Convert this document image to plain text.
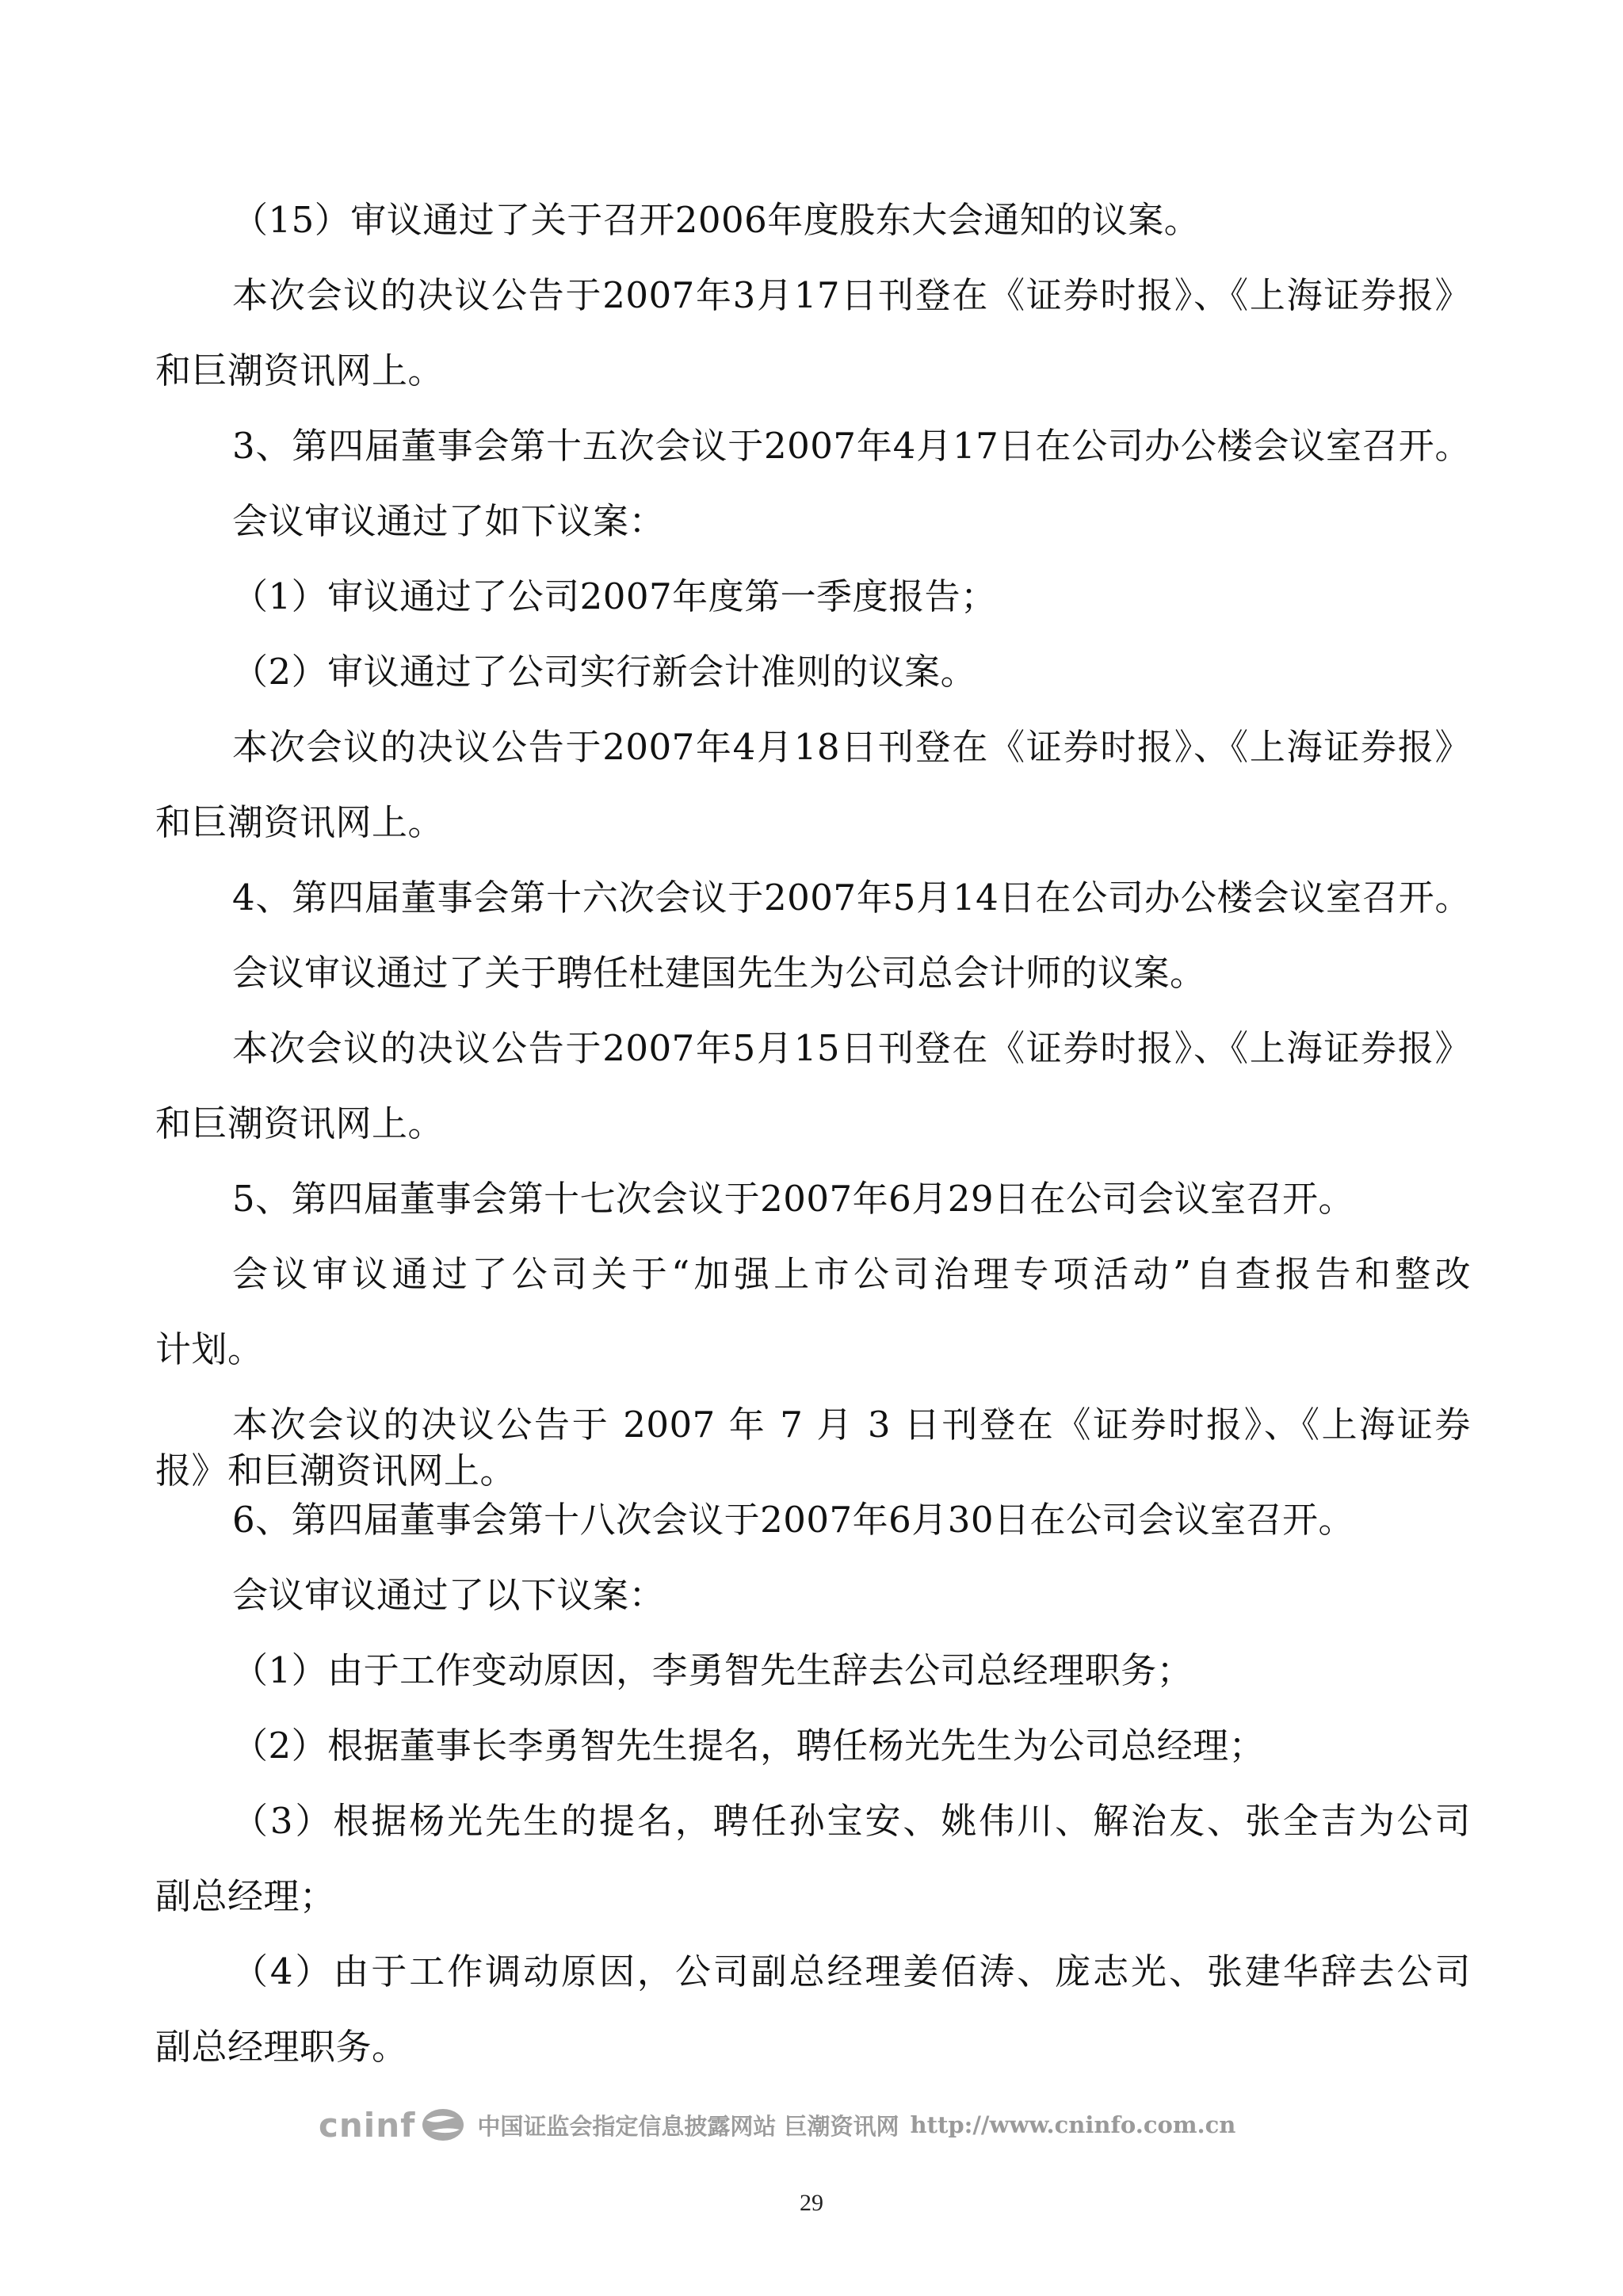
（15）审议通过了关于召开2006年度股东大会通知的议案。
本次会议的决议公告于2007年3月17日刊登在《证券时报》、《上海证券报》
和巨潮资讯网上。
3、第四届董事会第十五次会议于2007年4月17日在公司办公楼会议室召开。
会议审议通过了如下议案：
（1）审议通过了公司2007年度第一季度报告；
（2）审议通过了公司实行新会计准则的议案。
本次会议的决议公告于2007年4月18日刊登在《证券时报》、《上海证券报》
和巨潮资讯网上。
4、第四届董事会第十六次会议于2007年5月14日在公司办公楼会议室召开。
会议审议通过了关于聘任杜建国先生为公司总会计师的议案。
本次会议的决议公告于2007年5月15日刊登在《证券时报》、《上海证券报》
和巨潮资讯网上。
5、第四届董事会第十七次会议于2007年6月29日在公司会议室召开。
会议审议通过了公司关于“加强上市公司治理专项活动”自查报告和整改
计划。
本次会议的决议公告于 2007 年 7 月 3 日刊登在《证券时报》、《上海证券
报》和巨潮资讯网上。
6、第四届董事会第十八次会议于2007年6月30日在公司会议室召开。
会议审议通过了以下议案：
（1）由于工作变动原因，李勇智先生辞去公司总经理职务；
（2）根据董事长李勇智先生提名，聘任杨光先生为公司总经理；
（3）根据杨光先生的提名，聘任孙宝安、姚伟川、解治友、张全吉为公司
副总经理；
（4）由于工作调动原因，公司副总经理姜佰涛、庞志光、张建华辞去公司
副总经理职务。
cninf	中国证监会指定信息披露网站 巨潮资讯网 http://www.cninfo.com.cn
29
